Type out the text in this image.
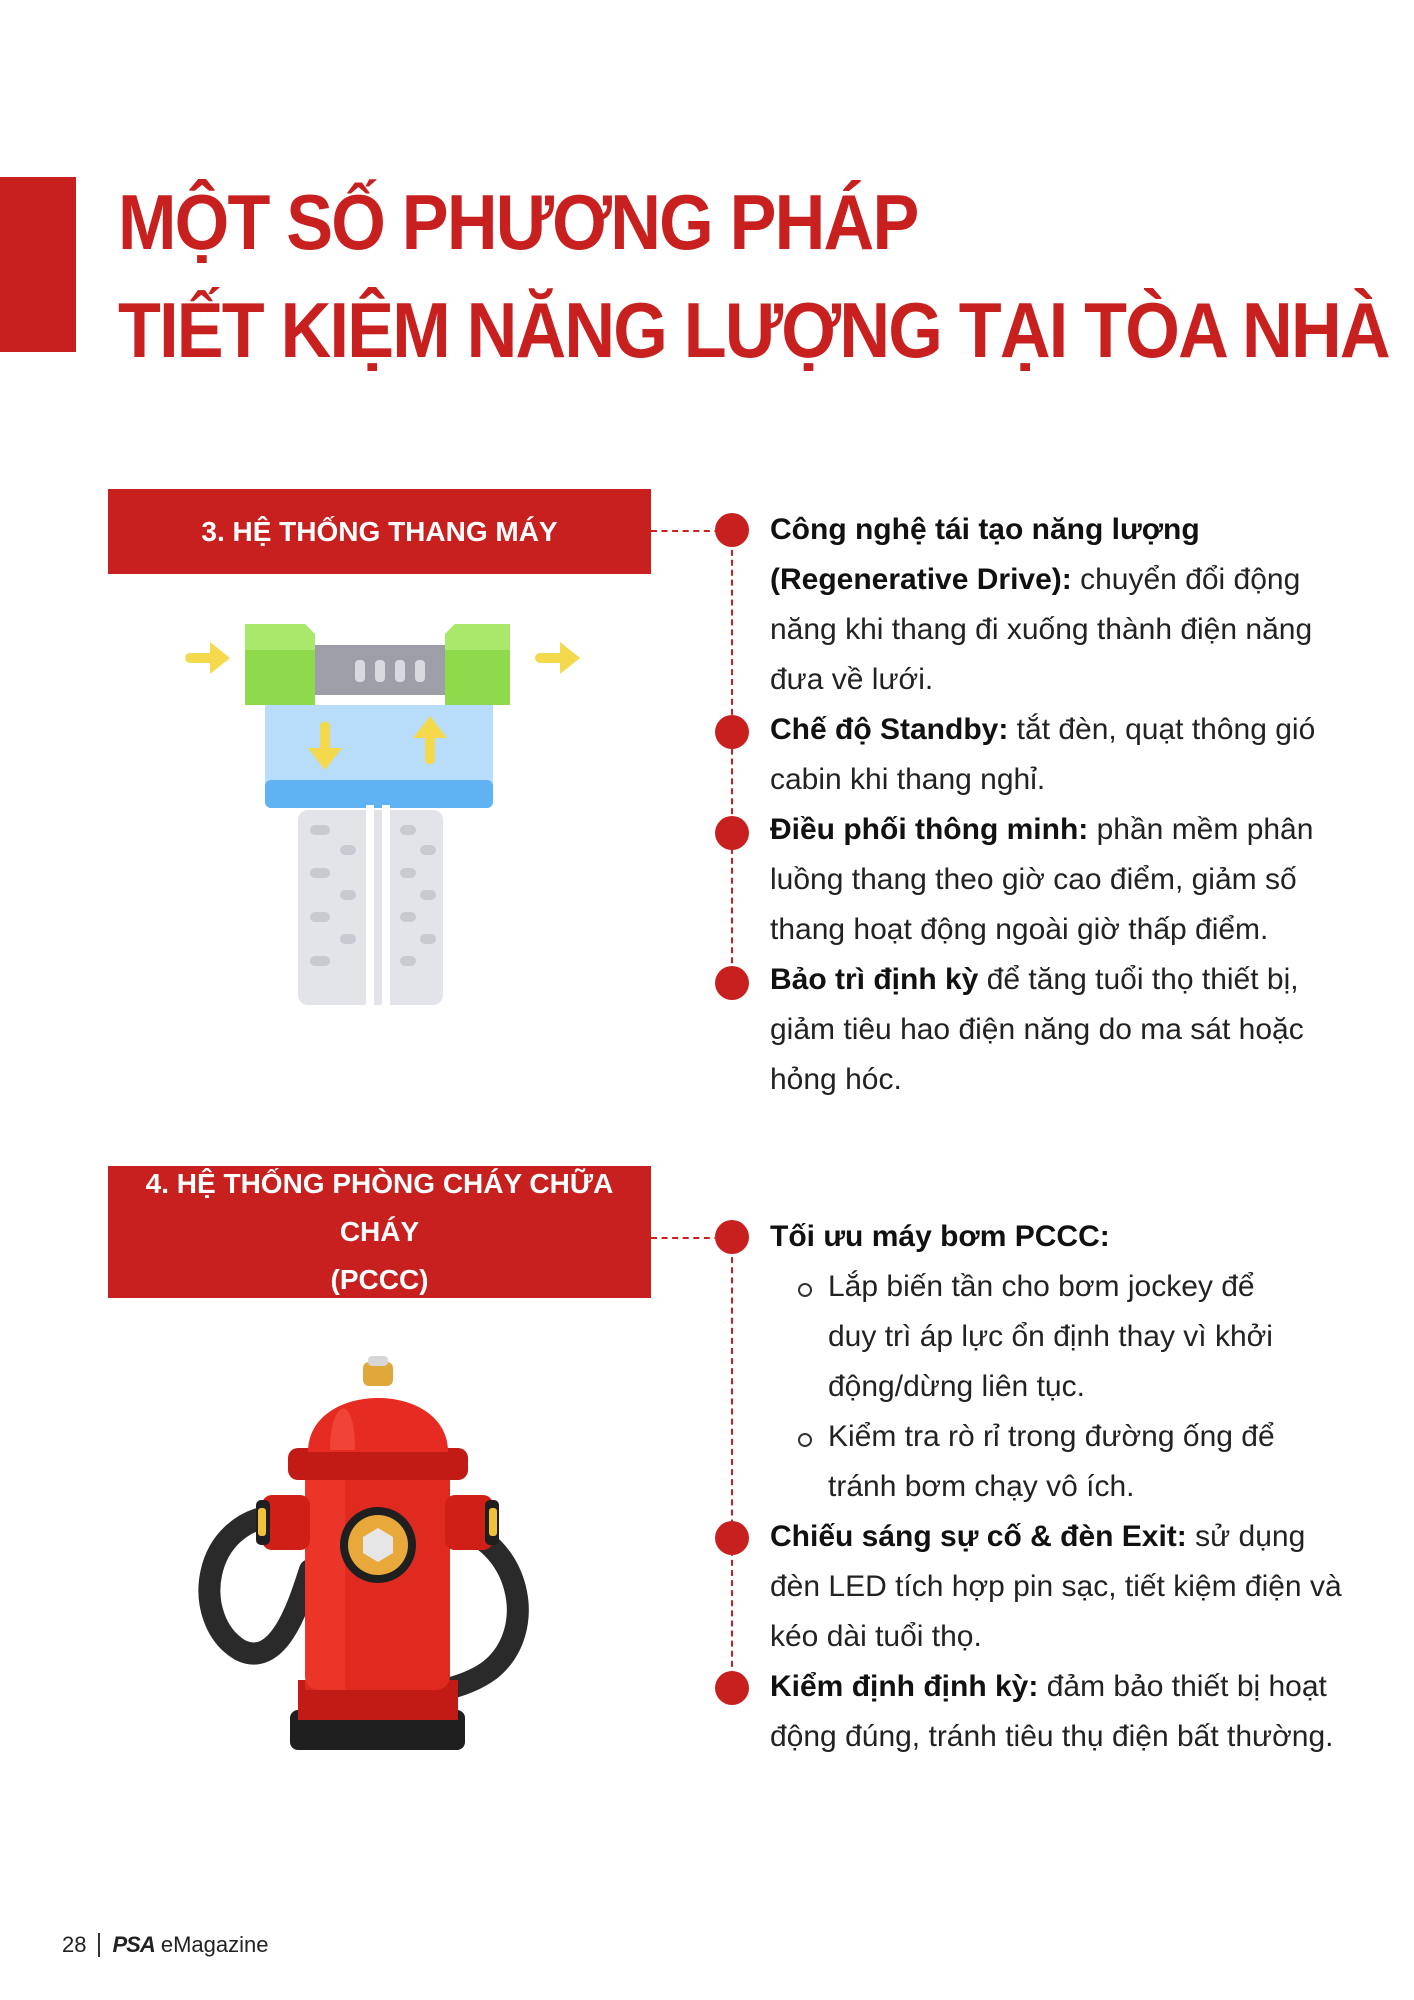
MỘT SỐ PHƯƠNG PHÁP
TIẾT KIỆM NĂNG LƯỢNG TẠI TÒA NHÀ
3. HỆ THỐNG THANG MÁY	Công nghệ tái tạo năng lượng (Regenerative Drive): chuyển đổi động năng khi thang đi xuống thành điện năng đưa về lưới.

Chế độ Standby: tắt đèn, quạt thông gió cabin khi thang nghỉ.

Điều phối thông minh: phần mềm phân luồng thang theo giờ cao điểm, giảm số thang hoạt động ngoài giờ thấp điểm.

Bảo trì định kỳ để tăng tuổi thọ thiết bị, giảm tiêu hao điện năng do ma sát hoặc hỏng hóc.

4. HỆ THỐNG PHÒNG CHÁY CHỮA CHÁY
(PCCC)

Tối ưu máy bơm PCCC:

Lắp biến tần cho bơm jockey để duy trì áp lực ổn định thay vì khởi động/dừng liên tục.

Kiểm tra rò rỉ trong đường ống để tránh bơm chạy vô ích.

Chiếu sáng sự cố & đèn Exit: sử dụng đèn LED tích hợp pin sạc, tiết kiệm điện và kéo dài tuổi thọ.

Kiểm định định kỳ: đảm bảo thiết bị hoạt động đúng, tránh tiêu thụ điện bất thường.

28 PSA eMagazine
